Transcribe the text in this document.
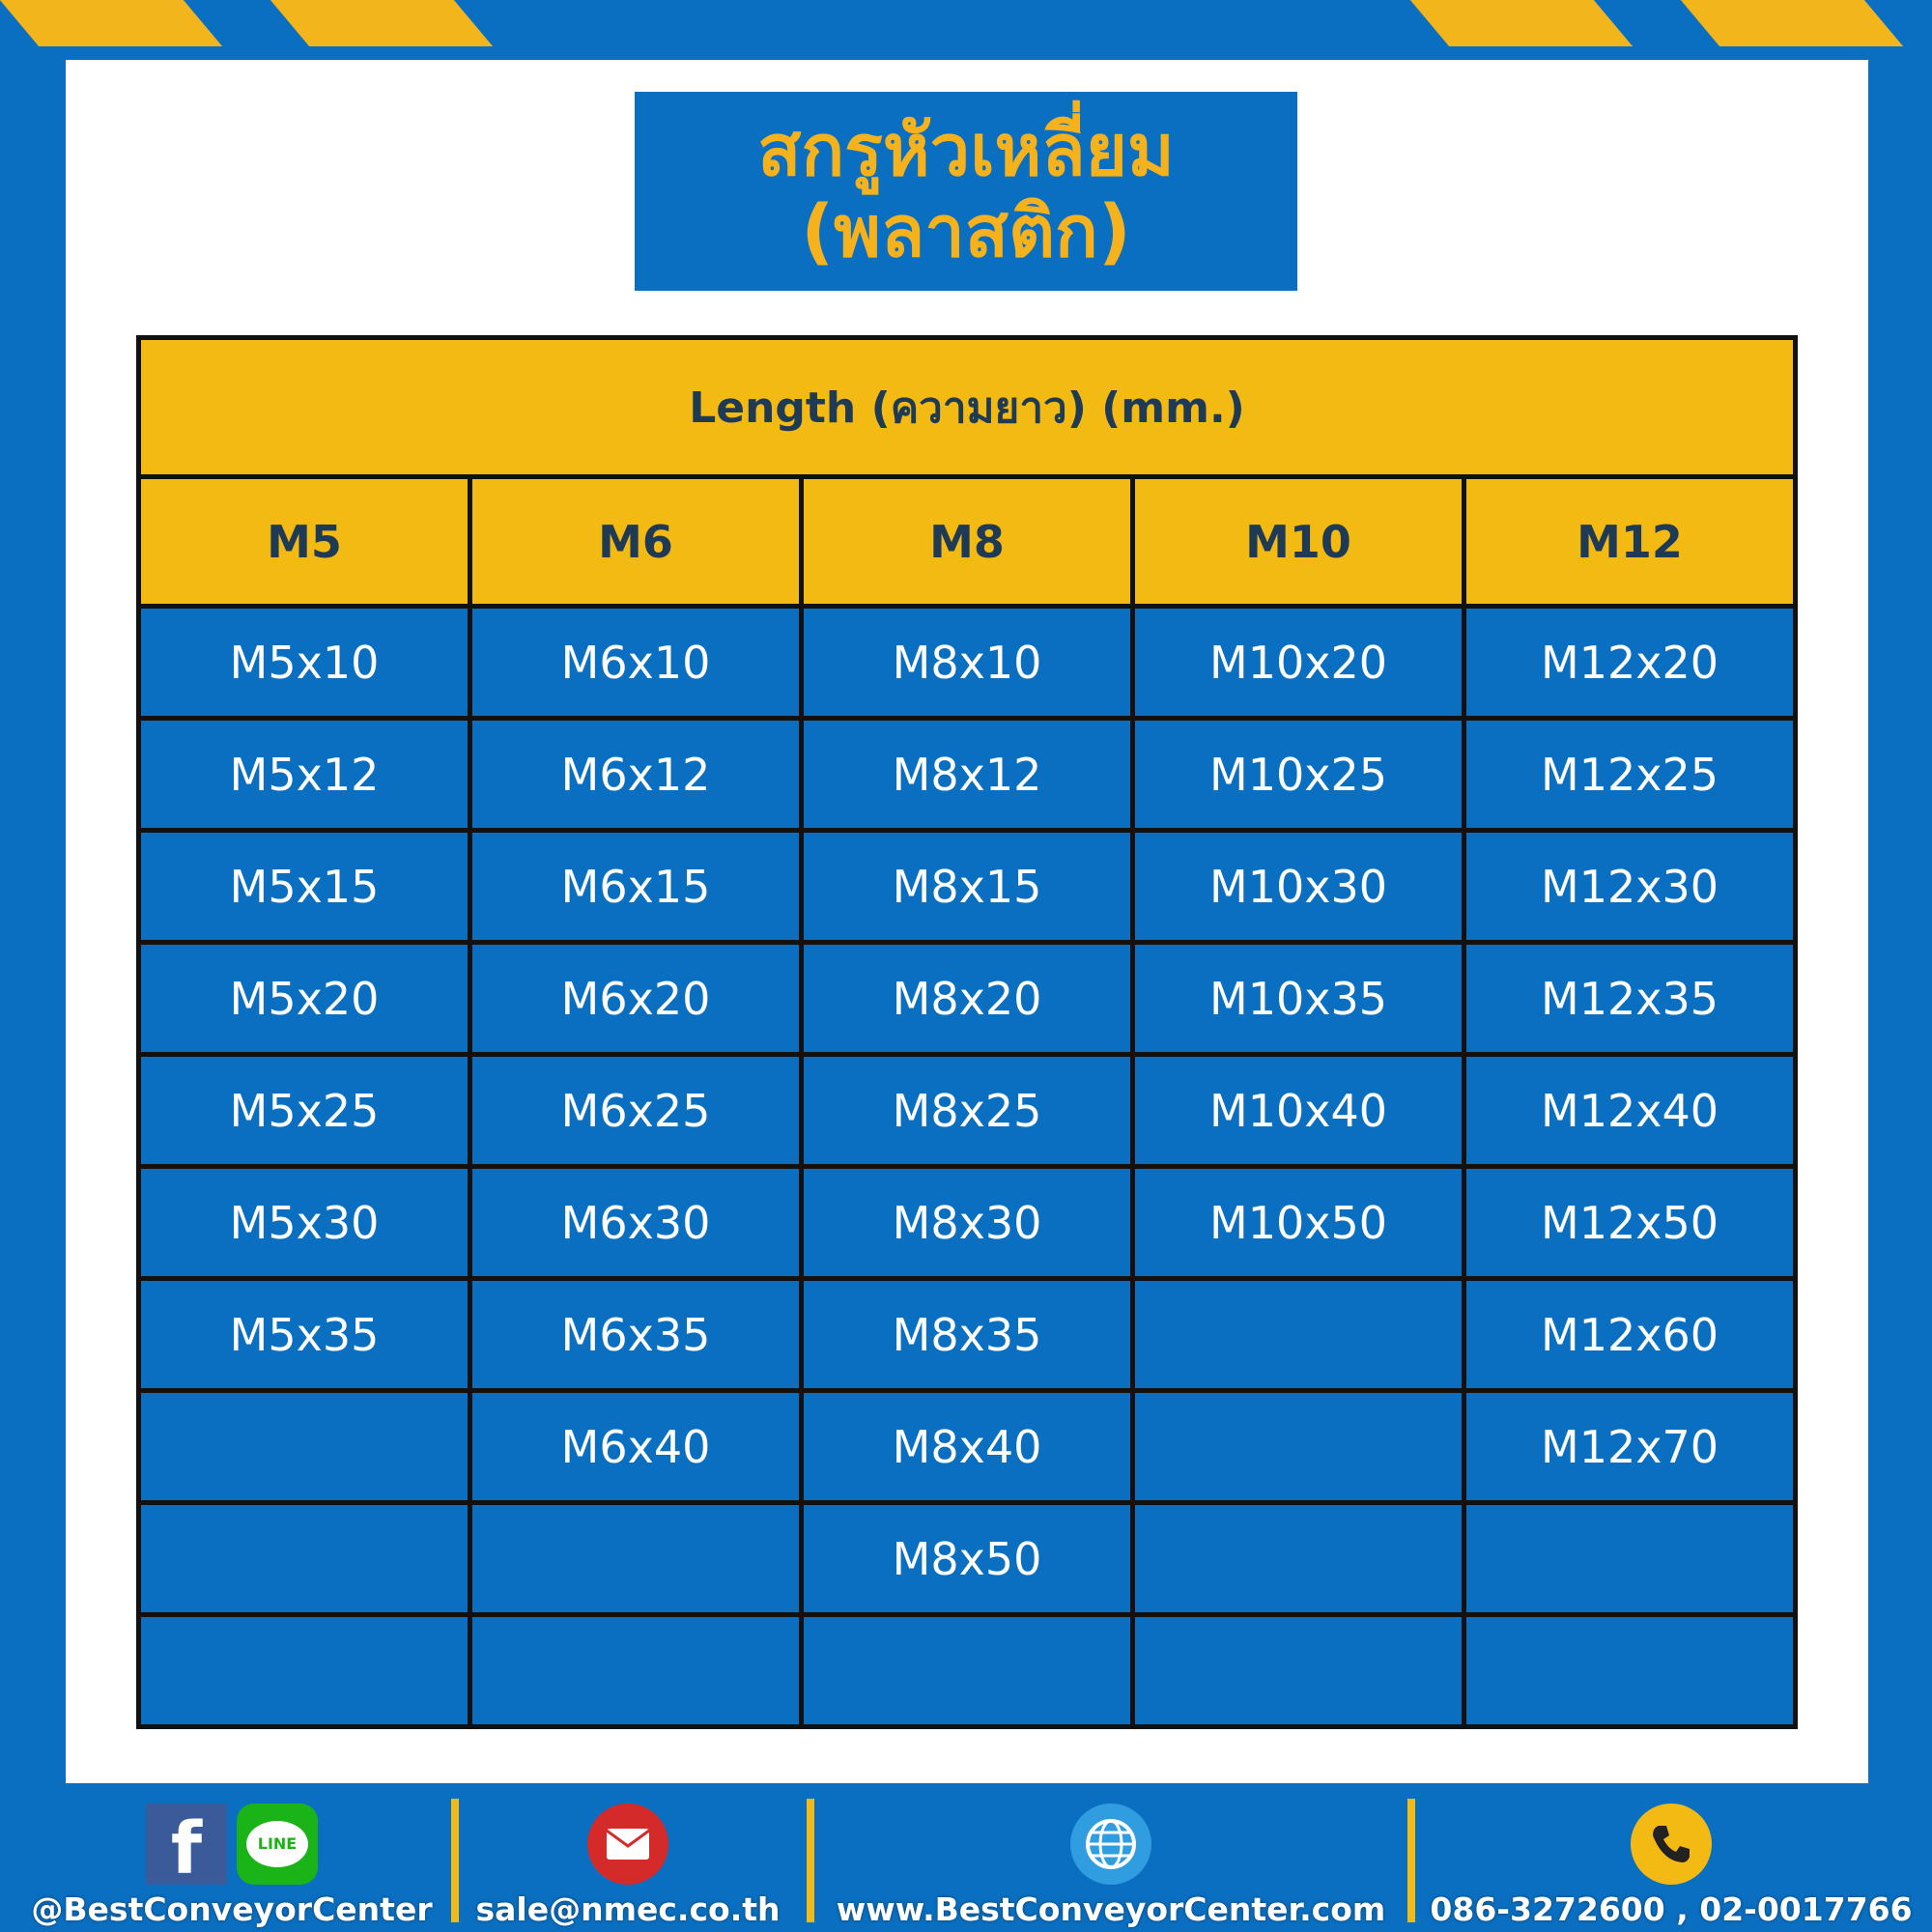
สกรูหัวเหลี่ยม
(พลาสติก)
Length (ความยาว) (mm.)				
M5	M6	M8	M10	M12
M5x10	M6x10	M8x10	M10x20	M12x20
M5x12	M6x12	M8x12	M10x25	M12x25
M5x15	M6x15	M8x15	M10x30	M12x30
M5x20	M6x20	M8x20	M10x35	M12x35
M5x25	M6x25	M8x25	M10x40	M12x40
M5x30	M6x30	M8x30	M10x50	M12x50
M5x35	M6x35	M8x35		M12x60
	M6x40	M8x40		M12x70
		M8x50		

f	LINE
@BestConveyorCenter sale@nmec.co.th www.BestConveyorCenter.com 086-3272600 , 02-0017766
